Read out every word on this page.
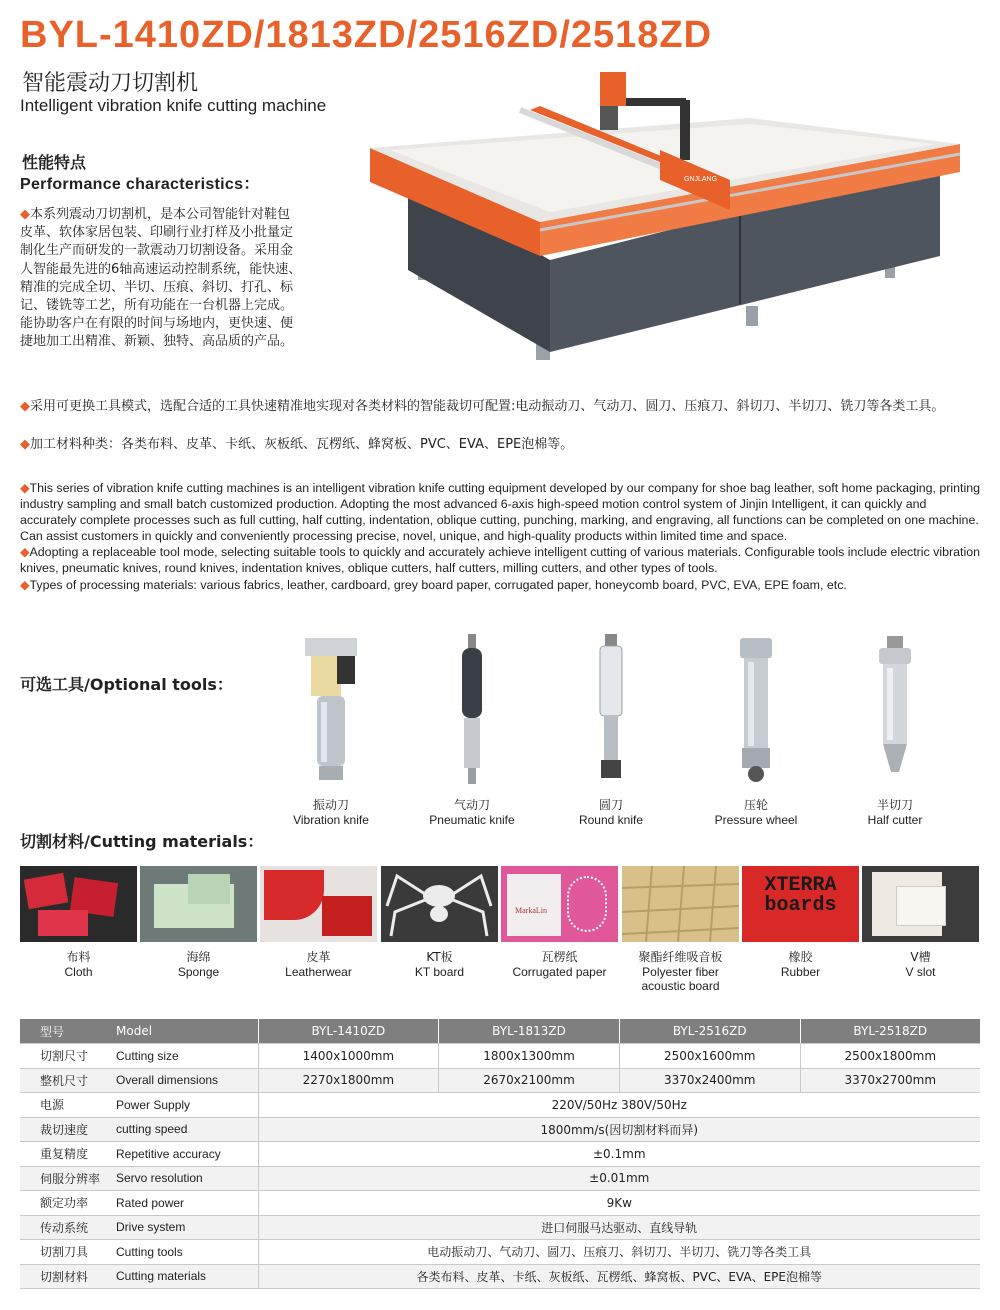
BYL-1410ZD/1813ZD/2516ZD/2518ZD
智能震动刀切割机
Intelligent vibration knife cutting machine
GNJLANG
性能特点
Performance characteristics：
◆本系列震动刀切割机，是本公司智能针对鞋包皮革、软体家居包装、印刷行业打样及小批量定制化生产而研发的一款震动刀切割设备。采用金人智能最先进的6轴高速运动控制系统，能快速、精准的完成全切、半切、压痕、斜切、打孔、标记、镂铣等工艺，所有功能在一台机器上完成。能协助客户在有限的时间与场地内，更快速、便捷地加工出精准、新颖、独特、高品质的产品。
◆采用可更换工具模式，选配合适的工具快速精准地实现对各类材料的智能裁切可配置:电动振动刀、气动刀、圆刀、压痕刀、斜切刀、半切刀、铣刀等各类工具。
◆加工材料种类：各类布料、皮革、卡纸、灰板纸、瓦楞纸、蜂窝板、PVC、EVA、EPE泡棉等。

◆This series of vibration knife cutting machines is an intelligent vibration knife cutting equipment developed by our company for shoe bag leather, soft home packaging, printing industry sampling and small batch customized production. Adopting the most advanced 6-axis high-speed motion control system of Jinjin Intelligent, it can quickly and accurately complete processes such as full cutting, half cutting, indentation, oblique cutting, punching, marking, and engraving, all functions can be completed on one machine. Can assist customers in quickly and conveniently processing precise, novel, unique, and high-quality products within limited time and space.

◆Adopting a replaceable tool mode, selecting suitable tools to quickly and accurately achieve intelligent cutting of various materials. Configurable tools include electric vibration knives, pneumatic knives, round knives, indentation knives, oblique cutters, half cutters, milling cutters, and other types of tools.

◆Types of processing materials: various fabrics, leather, cardboard, grey board paper, corrugated paper, honeycomb board, PVC, EVA, EPE foam, etc.

可选工具/Optional tools：
振动刀
Vibration knife
气动刀
Pneumatic knife
圆刀
Round knife
压轮
Pressure wheel
半切刀
Half cutter
切割材料/Cutting materials：
布料
Cloth
海绵
Sponge
皮革
Leatherwear
KT板
KT board
MarkaLin
瓦楞纸
Corrugated paper
聚酯纤维吸音板
Polyester fiber acoustic board
XTERRA
boards
橡胶
Rubber
V槽
V slot
型号	Model	BYL-1410ZD	BYL-1813ZD	BYL-2516ZD	BYL-2518ZD
切割尺寸	Cutting size	1400x1000mm	1800x1300mm	2500x1600mm	2500x1800mm
整机尺寸	Overall dimensions	2270x1800mm	2670x2100mm	3370x2400mm	3370x2700mm
电源	Power Supply	220V/50Hz 380V/50Hz			
裁切速度	cutting speed	1800mm/s(因切割材料而异)			
重复精度	Repetitive accuracy	±0.1mm			
伺服分辨率	Servo resolution	±0.01mm			
额定功率	Rated power	9Kw			
传动系统	Drive system	进口伺服马达驱动、直线导轨			
切割刀具	Cutting tools	电动振动刀、气动刀、圆刀、压痕刀、斜切刀、半切刀、铣刀等各类工具			
切割材料	Cutting materials	各类布料、皮革、卡纸、灰板纸、瓦楞纸、蜂窝板、PVC、EVA、EPE泡棉等			
